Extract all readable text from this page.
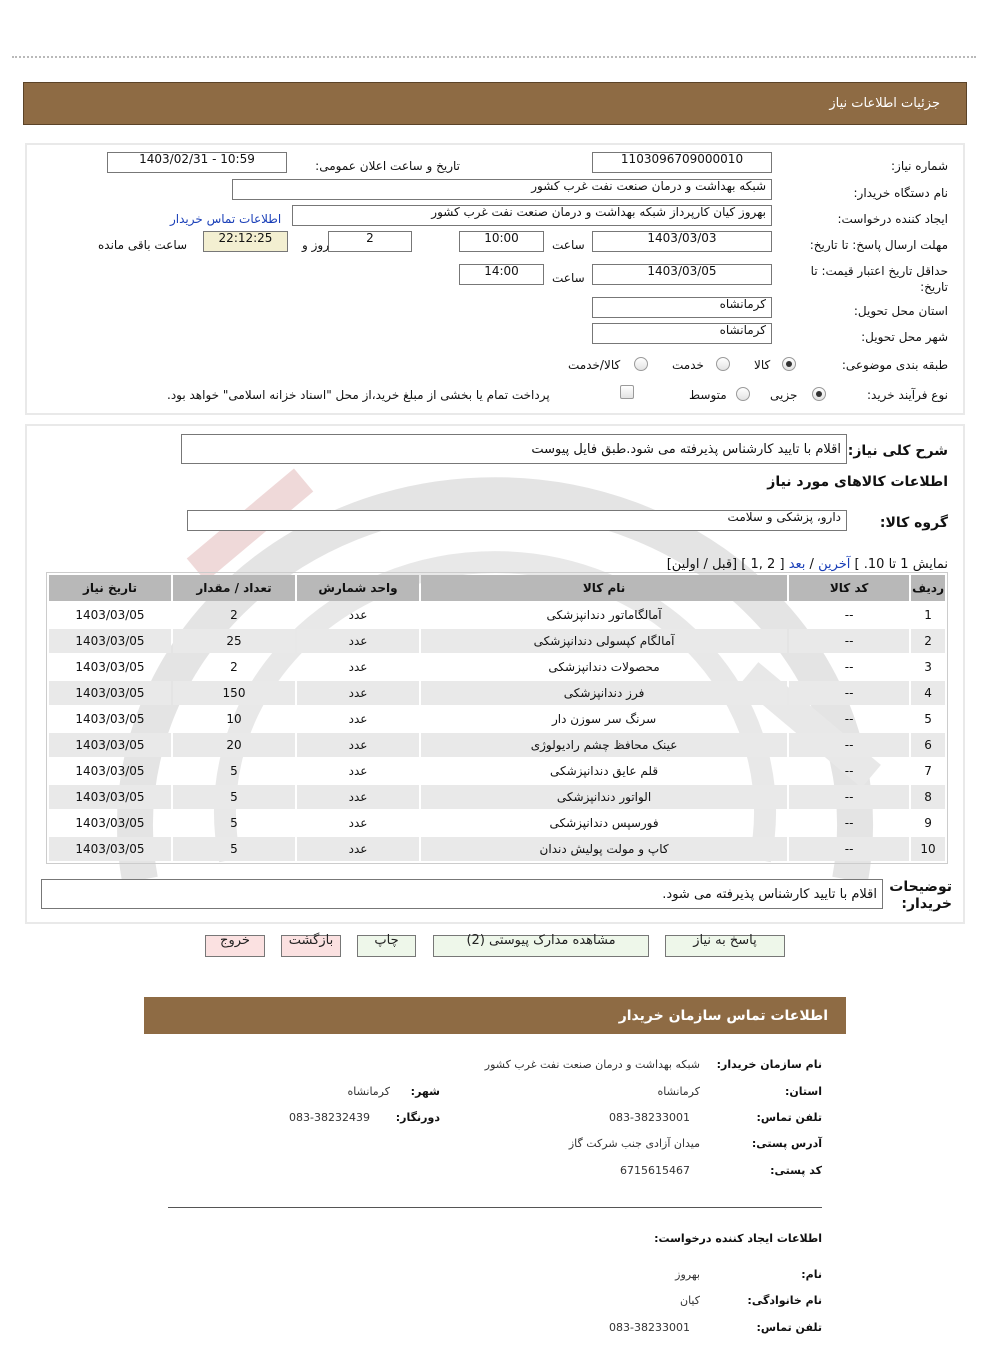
جزئیات اطلاعات نیاز
شماره نیاز:
1103096709000010
تاریخ و ساعت اعلان عمومی:
1403/02/31 - 10:59
نام دستگاه خریدار:
شبکه بهداشت و درمان صنعت نفت غرب کشور
ایجاد کننده درخواست:
بهروز کیان کارپرداز شبکه بهداشت و درمان صنعت نفت غرب کشور
اطلاعات تماس خریدار
مهلت ارسال پاسخ: تا تاریخ:
1403/03/03
ساعت
10:00
2
روز و
22:12:25
ساعت باقی مانده
حداقل تاریخ اعتبار قیمت: تا تاریخ:
1403/03/05
ساعت
14:00
استان محل تحویل:
کرمانشاه
شهر محل تحویل:
کرمانشاه
طبقه بندی موضوعی:
کالا
خدمت
کالا/خدمت
نوع فرآیند خرید:
جزیی
متوسط
پرداخت تمام یا بخشی از مبلغ خرید،از محل "اسناد خزانه اسلامی" خواهد بود.
شرح کلی نیاز:
اقلام با تایید کارشناس پذیرفته می شود.طبق فایل پیوست
اطلاعات کالاهای مورد نیاز
گروه کالا:
دارو، پزشکی و سلامت
نمایش 1 تا 10. ] آخرین / بعد [ 2 ,1 ] [قبل / اولین]
ردیف	کد کالا	نام کالا	واحد شمارش	تعداد / مقدار	تاریخ نیاز
1	--	آمالگاماتور دندانپزشکی	عدد	2	1403/03/05
2	--	آمالگام کپسولی دندانپزشکی	عدد	25	1403/03/05
3	--	محصولات دندانپزشکی	عدد	2	1403/03/05
4	--	فرز دندانپزشکی	عدد	150	1403/03/05
5	--	سرنگ سر سوزن دار	عدد	10	1403/03/05
6	--	عینک محافظ چشم رادیولوژی	عدد	20	1403/03/05
7	--	قلم عایق دندانپزشکی	عدد	5	1403/03/05
8	--	الواتور دندانپزشکی	عدد	5	1403/03/05
9	--	فورسپس دندانپزشکی	عدد	5	1403/03/05
10	--	کاپ و مولت پولیش دندان	عدد	5	1403/03/05
توضیحات خریدار:
اقلام با تایید کارشناس پذیرفته می شود.
پاسخ به نیاز
مشاهده مدارک پیوستی (2)
چاپ
بازگشت
خروج
اطلاعات تماس سازمان خریدار
نام سازمان خریدار:
شبکه بهداشت و درمان صنعت نفت غرب کشور
استان:
کرمانشاه
شهر:
کرمانشاه
تلفن تماس:
083-38233001
دورنگار:
083-38232439
آدرس پستی:
میدان آزادی جنب شرکت گاز
کد پستی:
6715615467
اطلاعات ایجاد کننده درخواست:
نام:
بهروز
نام خانوادگی:
کیان
تلفن تماس:
083-38233001
